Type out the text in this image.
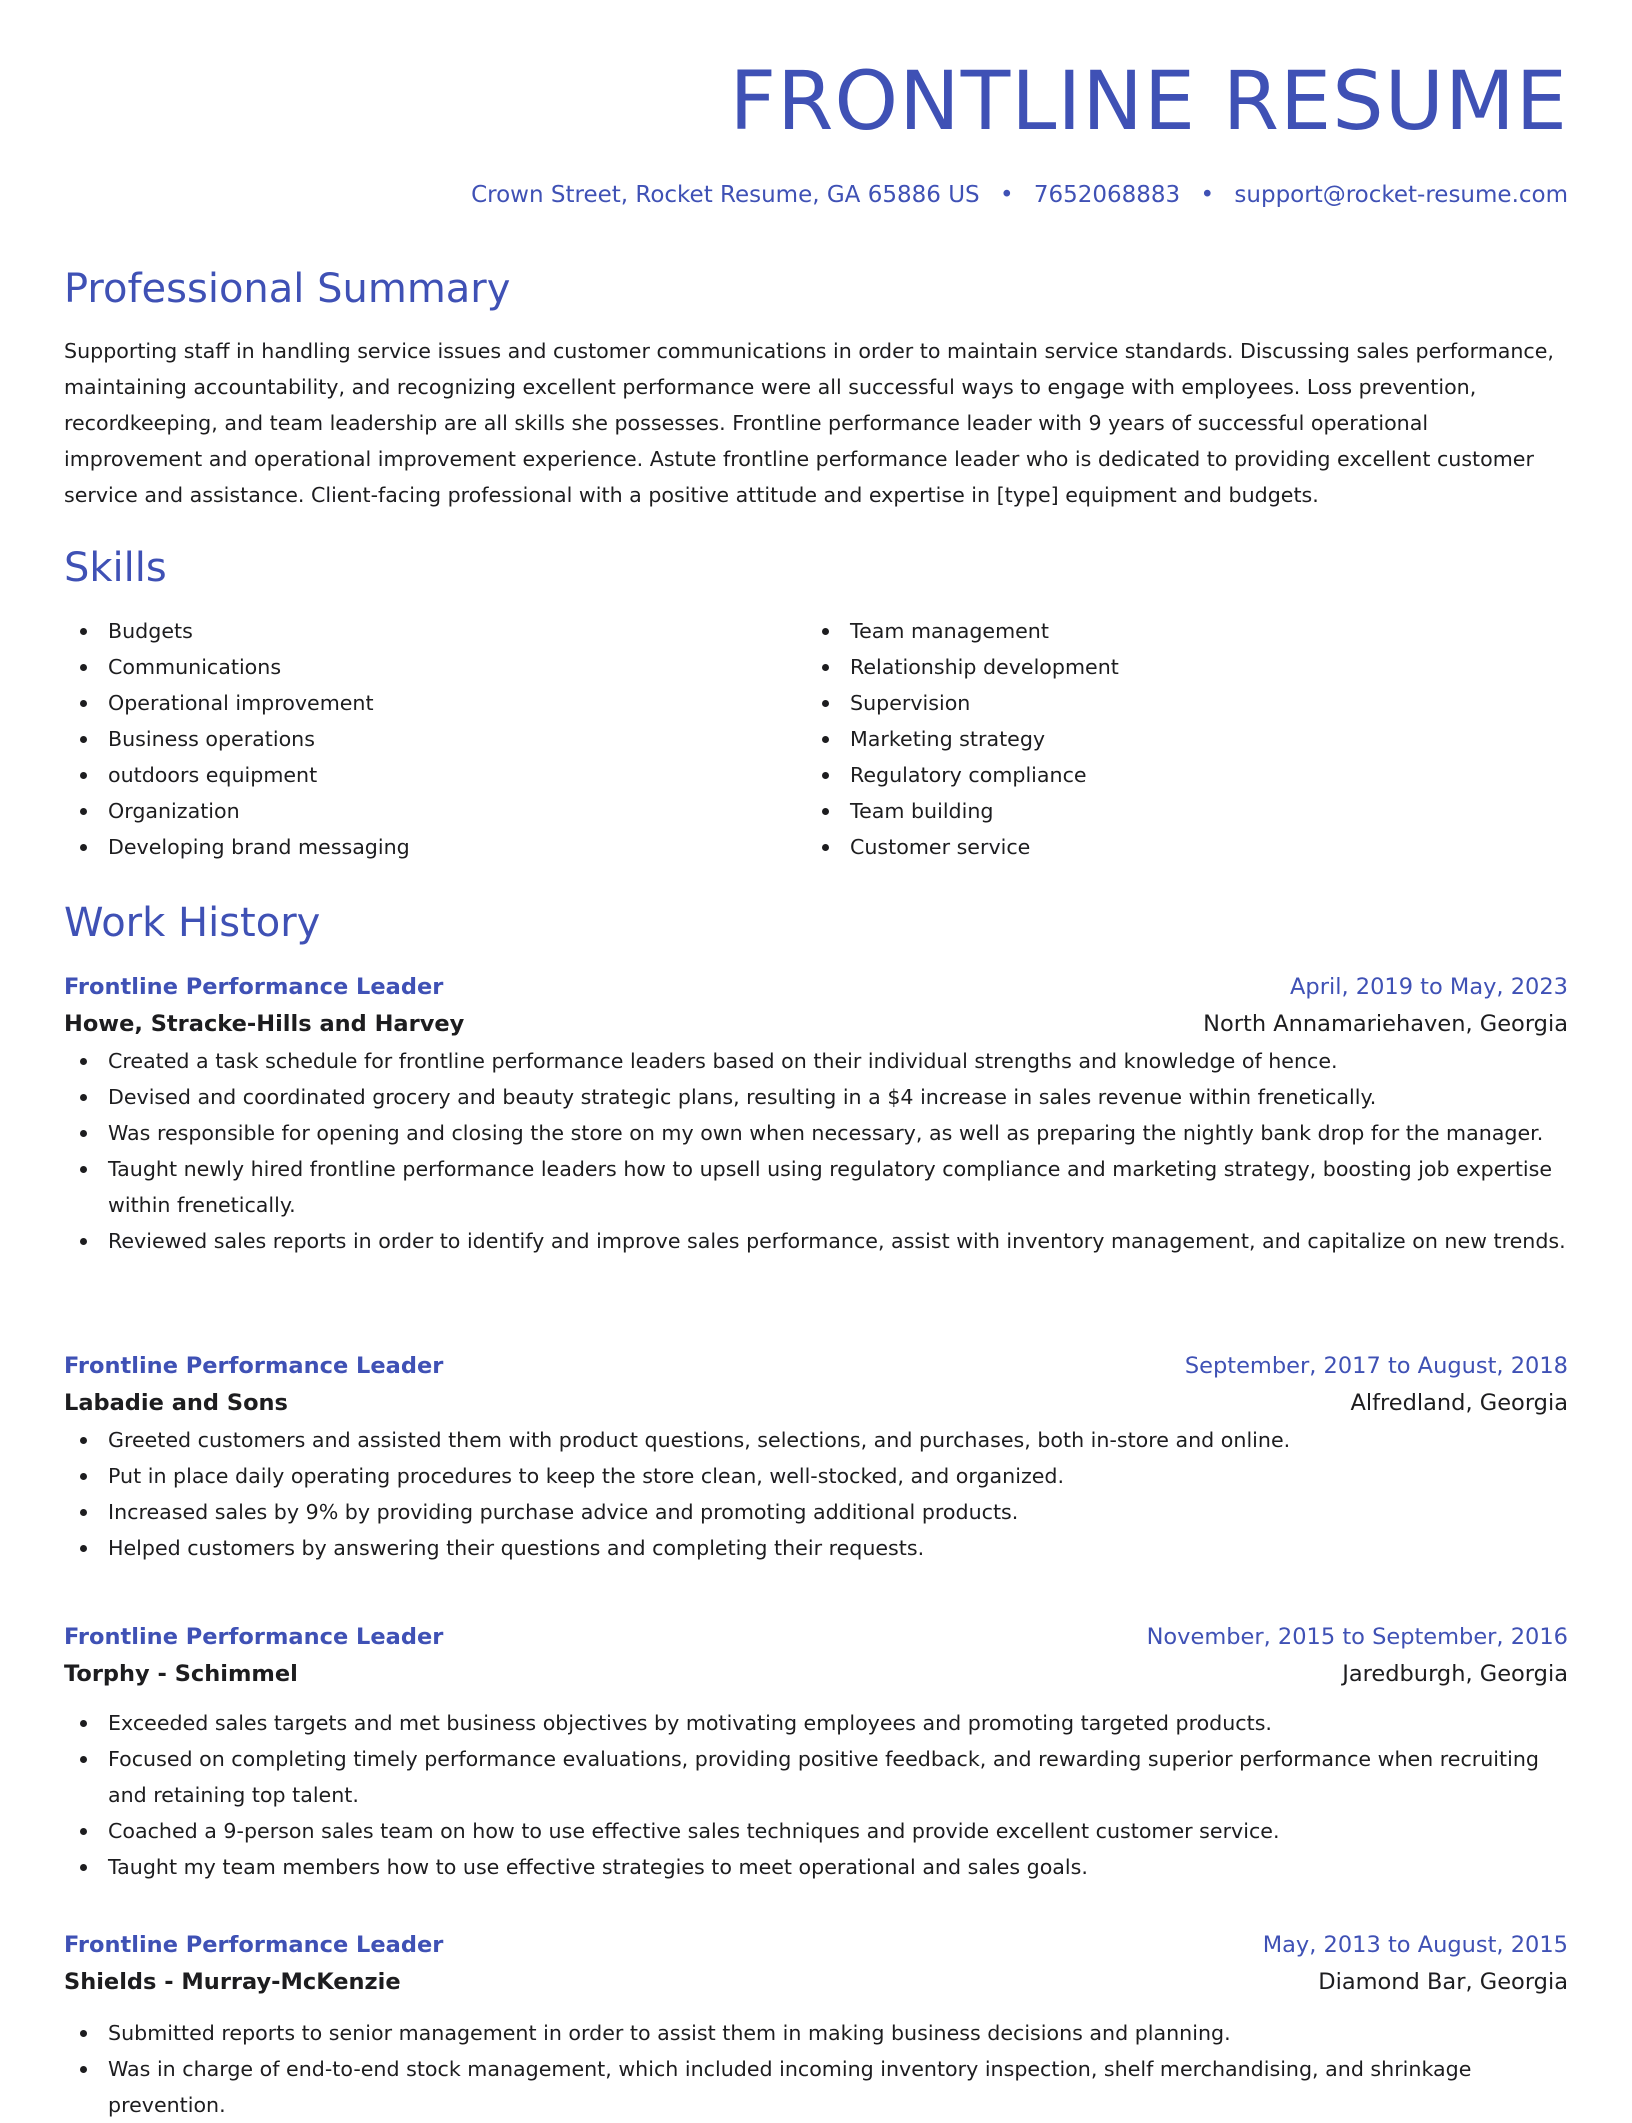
FRONTLINE RESUME
Crown Street, Rocket Resume, GA 65886 US • 7652068883 • support@rocket-resume.com
Professional Summary

Supporting staff in handling service issues and customer communications in order to maintain service standards. Discussing sales performance, maintaining accountability, and recognizing excellent performance were all successful ways to engage with employees. Loss prevention, recordkeeping, and team leadership are all skills she possesses. Frontline performance leader with 9 years of successful operational improvement and operational improvement experience. Astute frontline performance leader who is dedicated to providing excellent customer service and assistance. Client-facing professional with a positive attitude and expertise in [type] equipment and budgets.

Skills
Budgets
Communications
Operational improvement
Business operations
outdoors equipment
Organization
Developing brand messaging
Team management
Relationship development
Supervision
Marketing strategy
Regulatory compliance
Team building
Customer service
Work History
Frontline Performance Leader	April, 2019 to May, 2023
Howe, Stracke-Hills and Harvey	North Annamariehaven, Georgia
Created a task schedule for frontline performance leaders based on their individual strengths and knowledge of hence.
Devised and coordinated grocery and beauty strategic plans, resulting in a $4 increase in sales revenue within frenetically.
Was responsible for opening and closing the store on my own when necessary, as well as preparing the nightly bank drop for the manager.
Taught newly hired frontline performance leaders how to upsell using regulatory compliance and marketing strategy, boosting job expertise within frenetically.
Reviewed sales reports in order to identify and improve sales performance, assist with inventory management, and capitalize on new trends.
Frontline Performance Leader	September, 2017 to August, 2018
Labadie and Sons	Alfredland, Georgia
Greeted customers and assisted them with product questions, selections, and purchases, both in-store and online.
Put in place daily operating procedures to keep the store clean, well-stocked, and organized.
Increased sales by 9% by providing purchase advice and promoting additional products.
Helped customers by answering their questions and completing their requests.
Frontline Performance Leader	November, 2015 to September, 2016
Torphy - Schimmel	Jaredburgh, Georgia
Exceeded sales targets and met business objectives by motivating employees and promoting targeted products.
Focused on completing timely performance evaluations, providing positive feedback, and rewarding superior performance when recruiting and retaining top talent.
Coached a 9-person sales team on how to use effective sales techniques and provide excellent customer service.
Taught my team members how to use effective strategies to meet operational and sales goals.
Frontline Performance Leader	May, 2013 to August, 2015
Shields - Murray-McKenzie	Diamond Bar, Georgia
Submitted reports to senior management in order to assist them in making business decisions and planning.
Was in charge of end-to-end stock management, which included incoming inventory inspection, shelf merchandising, and shrinkage prevention.
